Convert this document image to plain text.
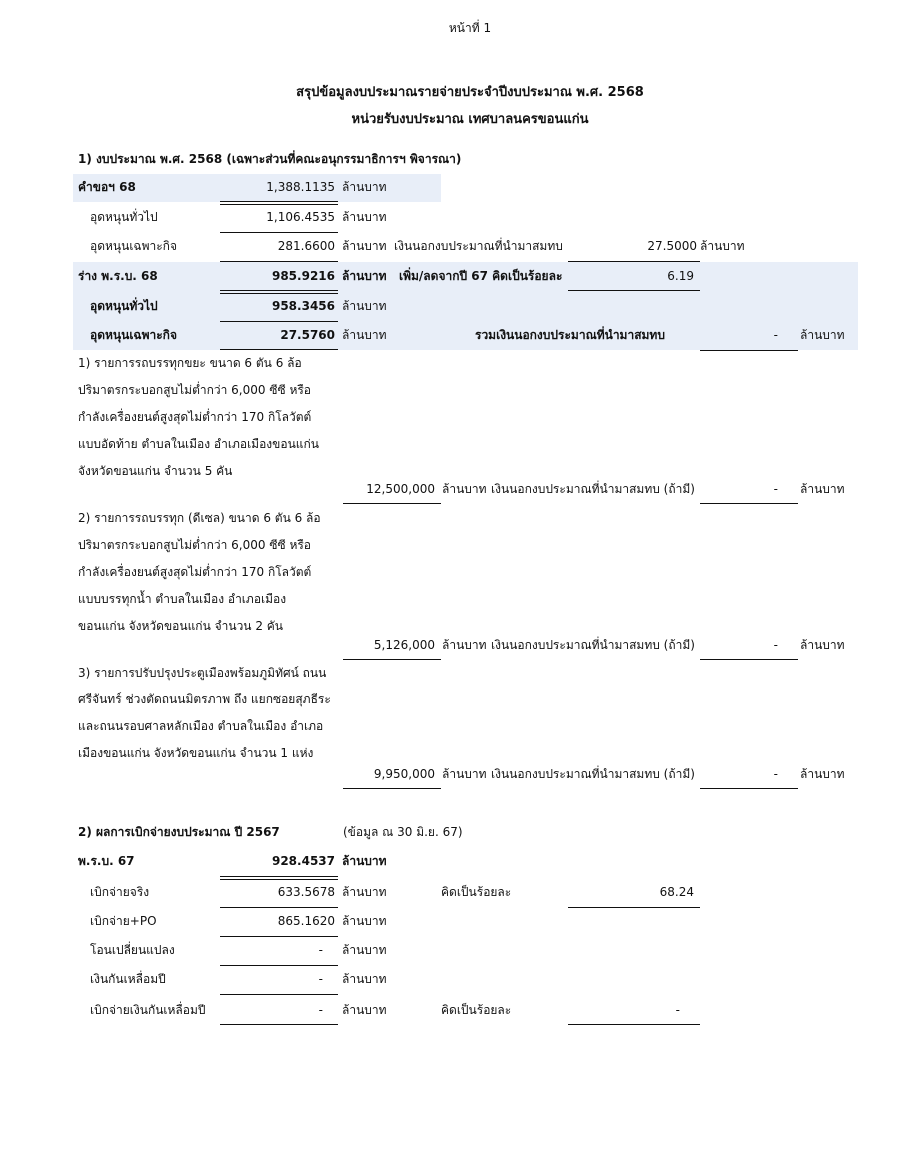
หน้าที่ 1
สรุปข้อมูลงบประมาณรายจ่ายประจำปีงบประมาณ พ.ศ. 2568
หน่วยรับงบประมาณ เทศบาลนครขอนแก่น
1) งบประมาณ พ.ศ. 2568 (เฉพาะส่วนที่คณะอนุกรรมาธิการฯ พิจารณา)
คำขอฯ 68	1,388.1135 ล้านบาท
อุดหนุนทั่วไป	1,106.4535 ล้านบาท
อุดหนุนเฉพาะกิจ	281.6600 ล้านบาท เงินนอกงบประมาณที่นำมาสมทบ	27.5000 ล้านบาท
ร่าง พ.ร.บ. 68	985.9216 ล้านบาท เพิ่ม/ลดจากปี 67 คิดเป็นร้อยละ	6.19
อุดหนุนทั่วไป	958.3456 ล้านบาท
อุดหนุนเฉพาะกิจ	27.5760 ล้านบาท	รวมเงินนอกงบประมาณที่นำมาสมทบ	- ล้านบาท
1) รายการรถบรรทุกขยะ ขนาด 6 ตัน 6 ล้อ
ปริมาตรกระบอกสูบไม่ต่ำกว่า 6,000 ซีซี หรือ
กำลังเครื่องยนต์สูงสุดไม่ต่ำกว่า 170 กิโลวัตต์
แบบอัดท้าย ตำบลในเมือง อำเภอเมืองขอนแก่น
จังหวัดขอนแก่น จำนวน 5 คัน
12,500,000 ล้านบาท เงินนอกงบประมาณที่นำมาสมทบ (ถ้ามี)	- ล้านบาท
2) รายการรถบรรทุก (ดีเซล) ขนาด 6 ตัน 6 ล้อ
ปริมาตรกระบอกสูบไม่ต่ำกว่า 6,000 ซีซี หรือ
กำลังเครื่องยนต์สูงสุดไม่ต่ำกว่า 170 กิโลวัตต์
แบบบรรทุกน้ำ ตำบลในเมือง อำเภอเมือง
ขอนแก่น จังหวัดขอนแก่น จำนวน 2 คัน
5,126,000 ล้านบาท เงินนอกงบประมาณที่นำมาสมทบ (ถ้ามี)	- ล้านบาท
3) รายการปรับปรุงประตูเมืองพร้อมภูมิทัศน์ ถนน
ศรีจันทร์ ช่วงตัดถนนมิตรภาพ ถึง แยกซอยสุภธีระ
และถนนรอบศาลหลักเมือง ตำบลในเมือง อำเภอ
เมืองขอนแก่น จังหวัดขอนแก่น จำนวน 1 แห่ง
9,950,000 ล้านบาท เงินนอกงบประมาณที่นำมาสมทบ (ถ้ามี)	- ล้านบาท
2) ผลการเบิกจ่ายงบประมาณ ปี 2567	(ข้อมูล ณ 30 มิ.ย. 67)
พ.ร.บ. 67	928.4537 ล้านบาท
เบิกจ่ายจริง	633.5678 ล้านบาท	คิดเป็นร้อยละ	68.24
เบิกจ่าย+PO	865.1620 ล้านบาท
โอนเปลี่ยนแปลง	- ล้านบาท
เงินกันเหลื่อมปี	- ล้านบาท
เบิกจ่ายเงินกันเหลื่อมปี	- ล้านบาท	คิดเป็นร้อยละ	-
